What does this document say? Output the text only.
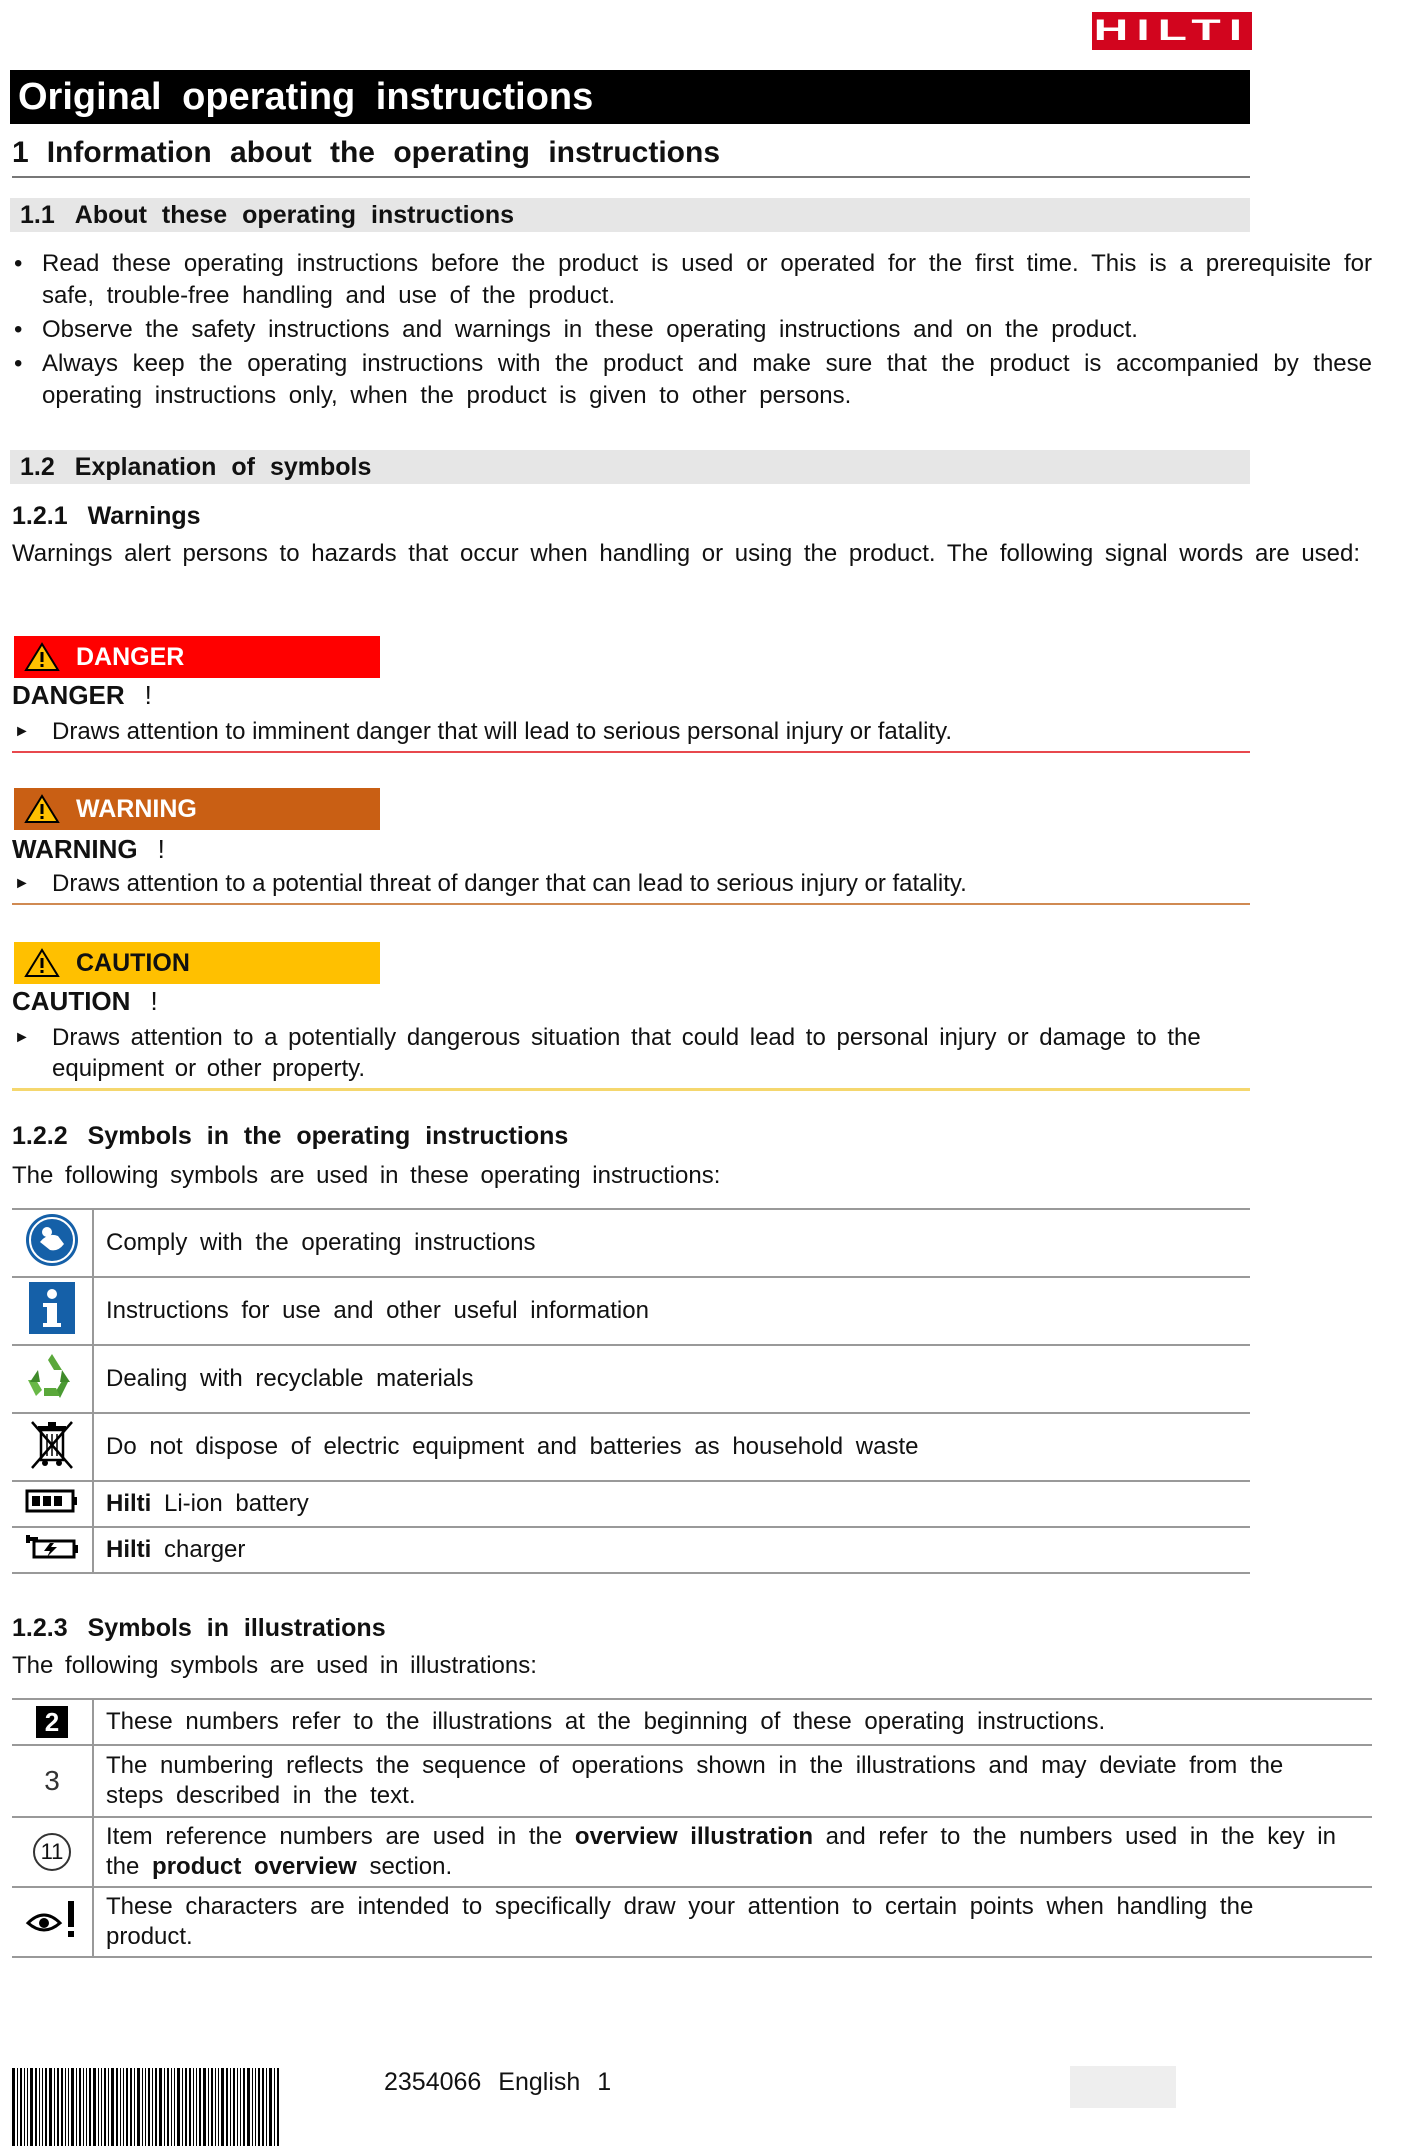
HILTI
Original operating instructions
1 Information about the operating instructions
1.1 About these operating instructions
• Read these operating instructions before the product is used or operated for the first time. This is a prerequisite for safe, trouble-free handling and use of the product.
• Observe the safety instructions and warnings in these operating instructions and on the product.
• Always keep the operating instructions with the product and make sure that the product is accompanied by these operating instructions only, when the product is given to other persons.
1.2 Explanation of symbols
1.2.1 Warnings
Warnings alert persons to hazards that occur when handling or using the product. The following signal words are used:
DANGER
DANGER !
► Draws attention to imminent danger that will lead to serious personal injury or fatality.
WARNING
WARNING !
► Draws attention to a potential threat of danger that can lead to serious injury or fatality.
CAUTION
CAUTION !
► Draws attention to a potentially dangerous situation that could lead to personal injury or damage to the equipment or other property.
1.2.2 Symbols in the operating instructions
The following symbols are used in these operating instructions:
	Comply with the operating instructions
	Instructions for use and other useful information
	Dealing with recyclable materials
	Do not dispose of electric equipment and batteries as household waste
	Hilti Li-ion battery
	Hilti charger
1.2.3 Symbols in illustrations
The following symbols are used in illustrations:
2	These numbers refer to the illustrations at the beginning of these operating instructions.
3	The numbering reflects the sequence of operations shown in the illustrations and may deviate from the steps described in the text.
11	Item reference numbers are used in the overview illustration and refer to the numbers used in the key in the product overview section.
	These characters are intended to specifically draw your attention to certain points when handling the product.
2354066 English 1
